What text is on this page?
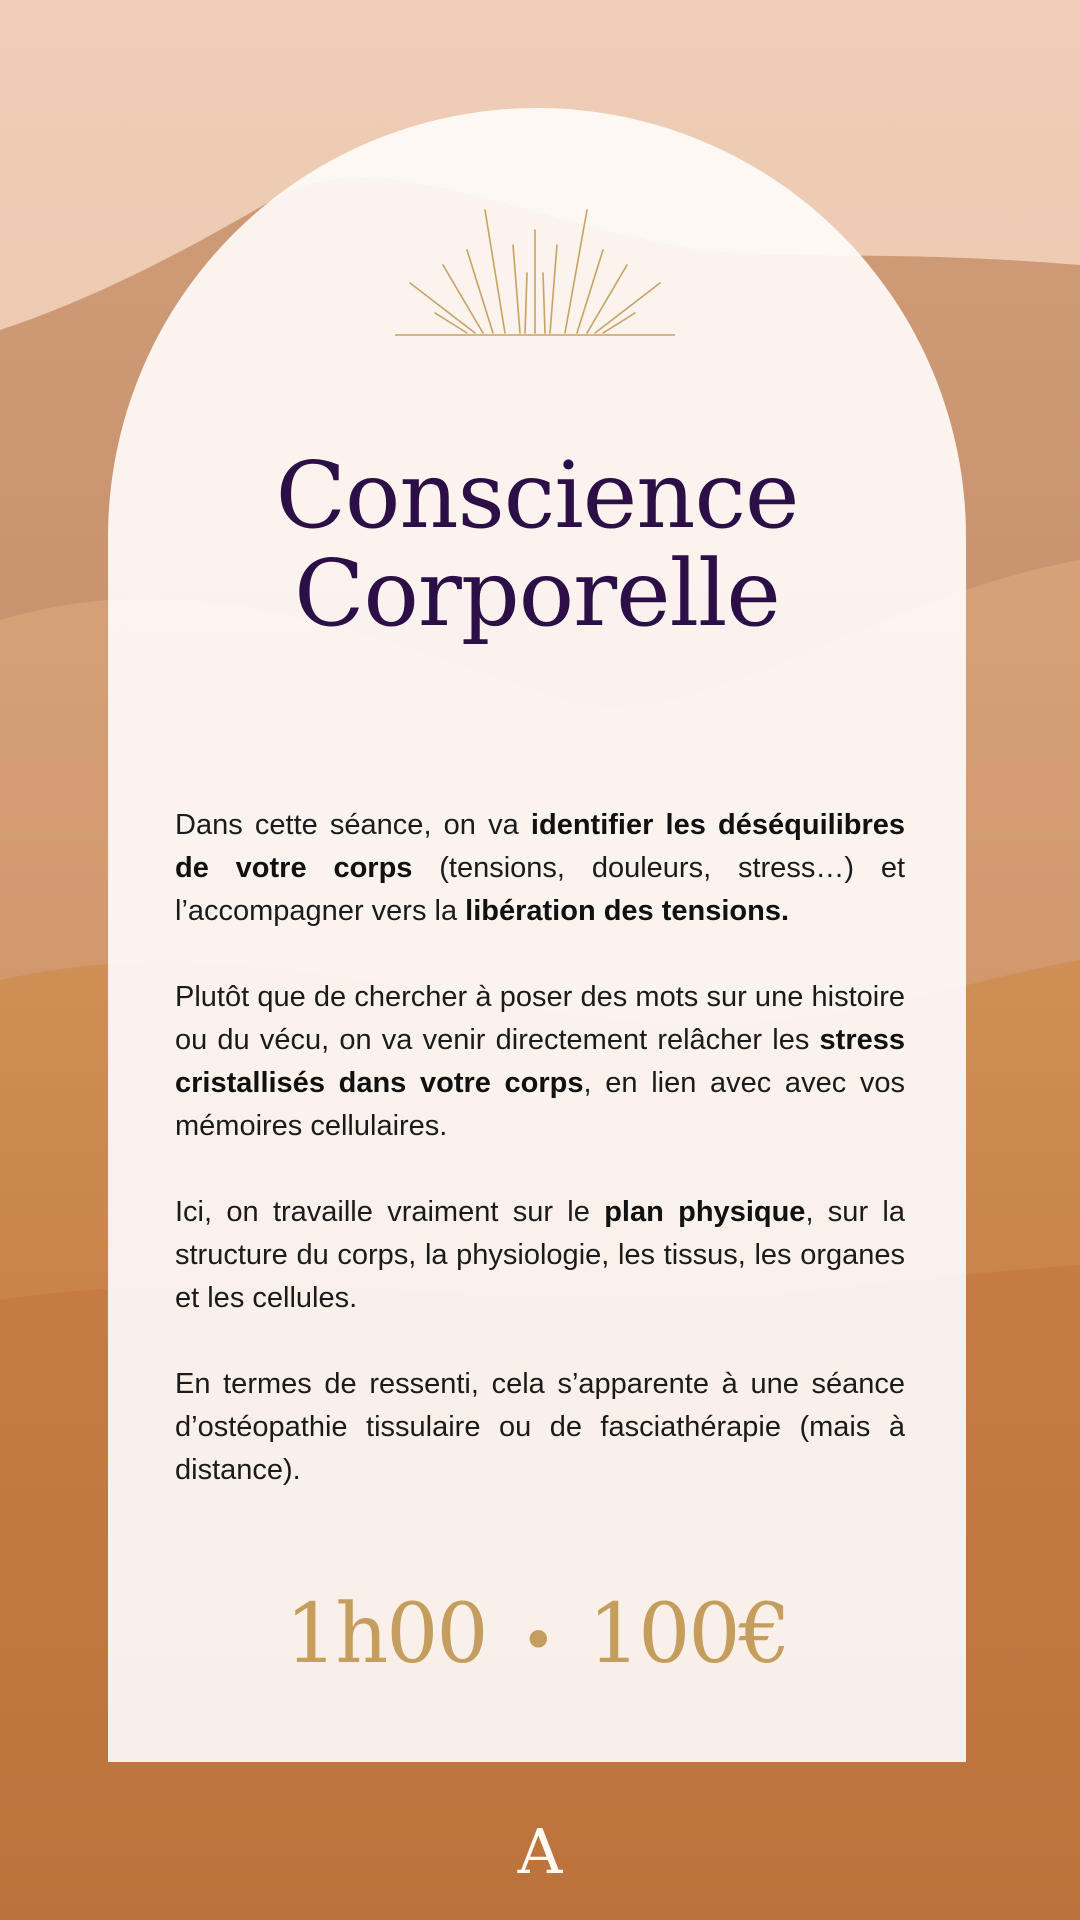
Conscience
Corporelle

Dans cette séance, on va identifier les déséquilibres de votre corps (tensions, douleurs, stress…) et l’accompagner vers la libération des tensions.

Plutôt que de chercher à poser des mots sur une histoire ou du vécu, on va venir directement relâcher les stress cristallisés dans votre corps, en lien avec avec vos mémoires cellulaires.

Ici, on travaille vraiment sur le plan physique, sur la structure du corps, la physiologie, les tissus, les organes et les cellules.

En termes de ressenti, cela s’apparente à une séance d’ostéopathie tissulaire ou de fasciathérapie (mais à distance).

1h00 • 100€
A
